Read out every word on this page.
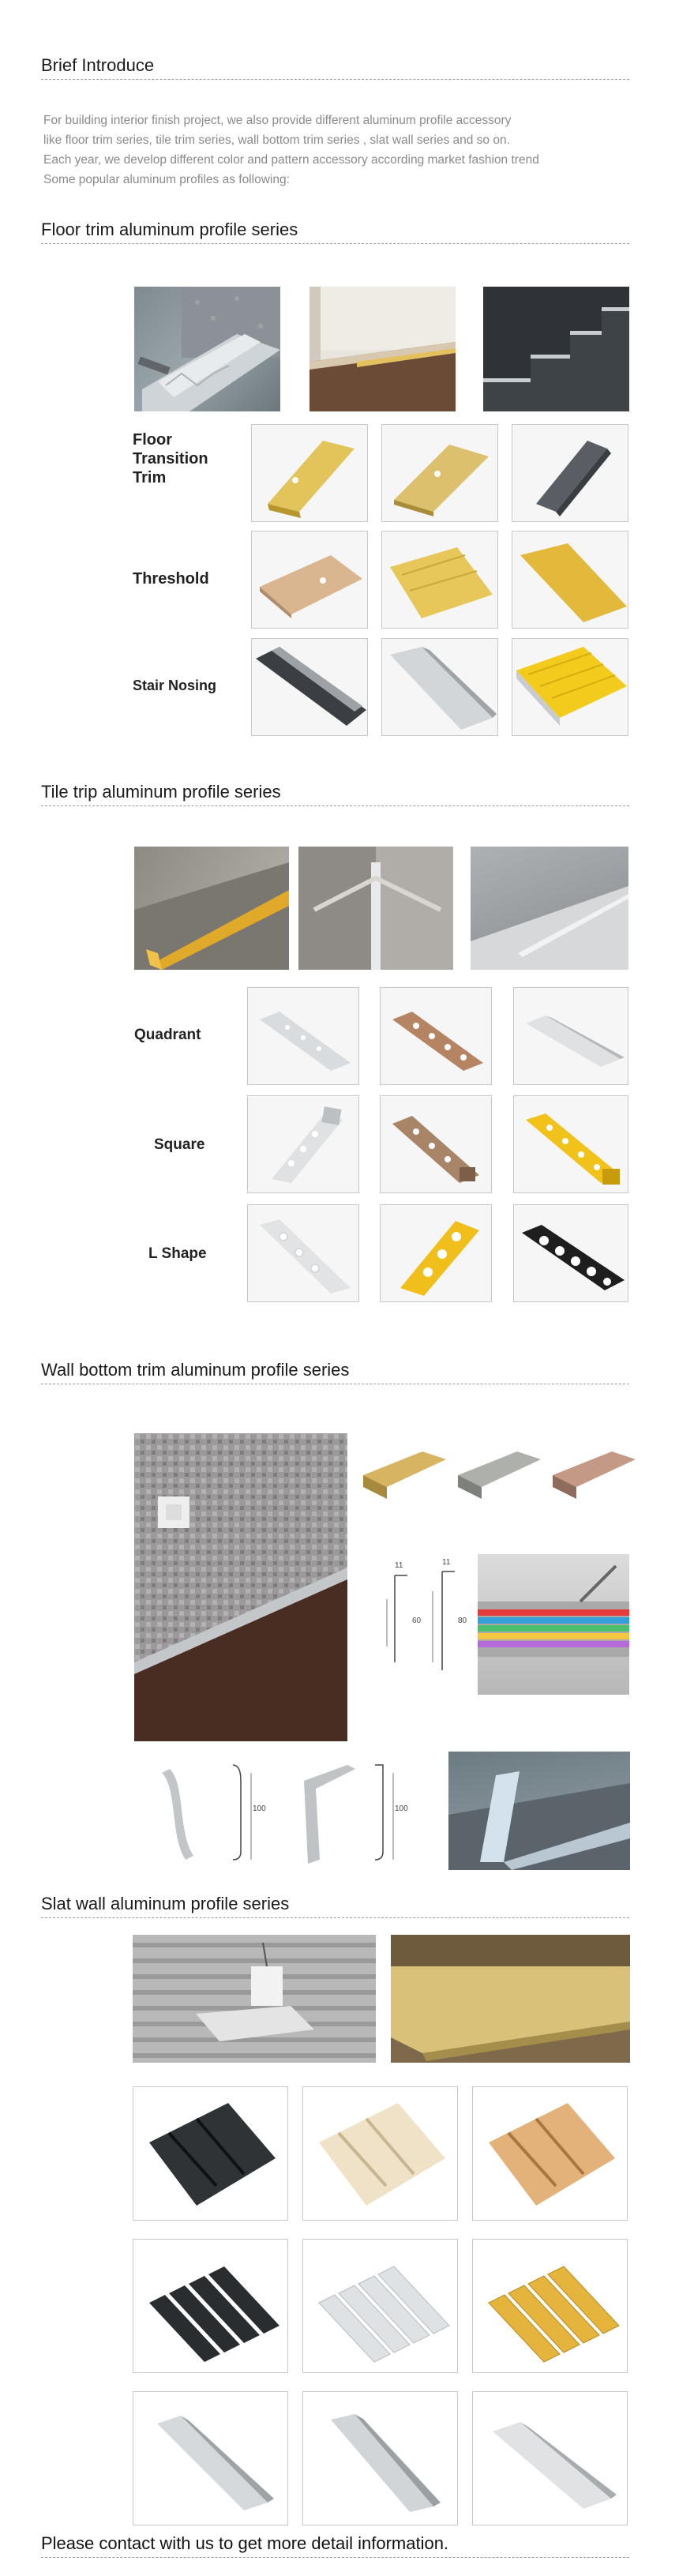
Brief Introduce
For building interior finish project, we also provide different aluminum profile accessory
like floor trim series, tile trim series, wall bottom trim series , slat wall series and so on.
Each year, we develop different color and pattern accessory according market fashion trend
Some popular aluminum profiles as following:
Floor trim aluminum profile series
Floor
Transition
Trim
Threshold
Stair Nosing
Tile trip aluminum profile series
Quadrant
Square
L Shape
Wall bottom trim aluminum profile series
11
60
11
80
100	100
Slat wall aluminum profile series
Please contact with us to get more detail information.
